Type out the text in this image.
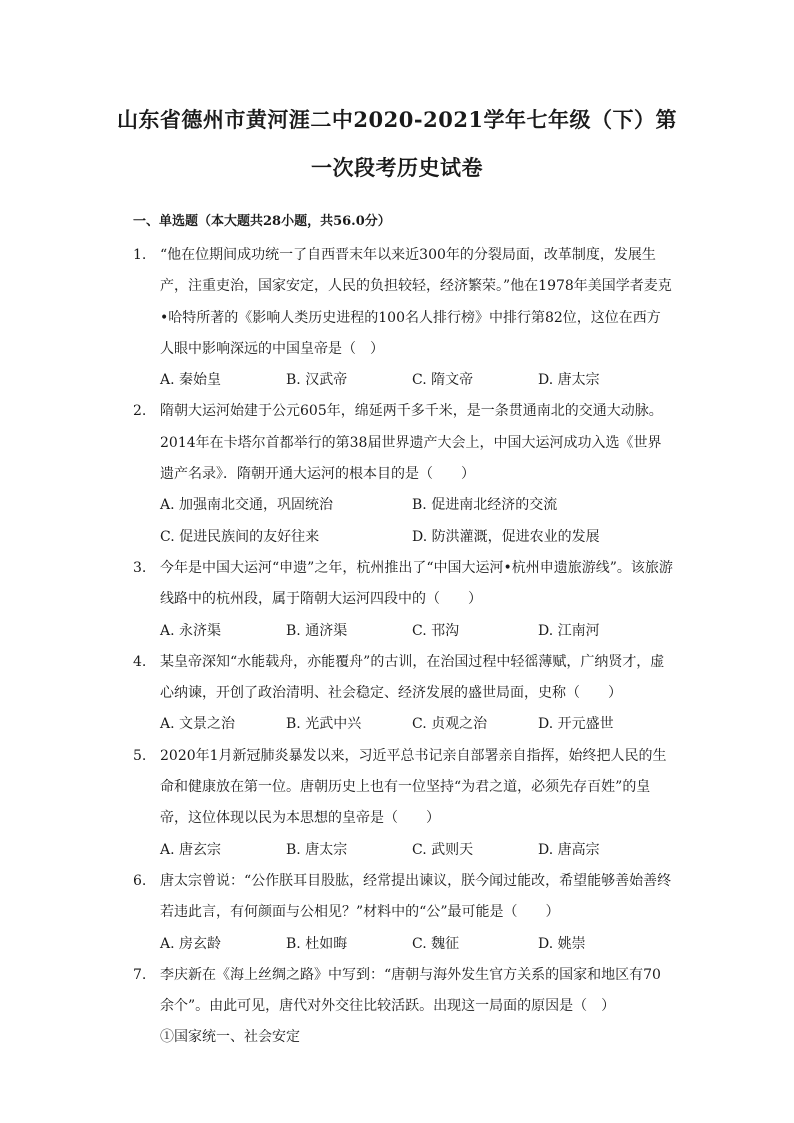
山东省德州市黄河涯二中2020-2021学年七年级（下）第
一次段考历史试卷
一、单选题（本大题共28小题，共56.0分）
1. “他在位期间成功统一了自西晋末年以来近300年的分裂局面，改革制度，发展生产，注重吏治，国家安定，人民的负担较轻，经济繁荣。”他在1978年美国学者麦克•哈特所著的《影响人类历史进程的100名人排行榜》中排行第82位，这位在西方人眼中影响深远的中国皇帝是（　）
A. 秦始皇	B. 汉武帝	C. 隋文帝	D. 唐太宗
2. 隋朝大运河始建于公元605年，绵延两千多千米，是一条贯通南北的交通大动脉。2014年在卡塔尔首都举行的第38届世界遗产大会上，中国大运河成功入选《世界遗产名录》．隋朝开通大运河的根本目的是（　　）
A. 加强南北交通，巩固统治	B. 促进南北经济的交流
C. 促进民族间的友好往来	D. 防洪灌溉，促进农业的发展
3. 今年是中国大运河“申遗”之年，杭州推出了“中国大运河•杭州申遗旅游线”。该旅游线路中的杭州段，属于隋朝大运河四段中的（　　）
A. 永济渠	B. 通济渠	C. 邗沟	D. 江南河
4. 某皇帝深知“水能载舟，亦能覆舟”的古训，在治国过程中轻徭薄赋，广纳贤才，虚心纳谏，开创了政治清明、社会稳定、经济发展的盛世局面，史称（　　）
A. 文景之治	B. 光武中兴	C. 贞观之治	D. 开元盛世
5. 2020年1月新冠肺炎暴发以来，习近平总书记亲自部署亲自指挥，始终把人民的生命和健康放在第一位。唐朝历史上也有一位坚持“为君之道，必须先存百姓”的皇帝，这位体现以民为本思想的皇帝是（　　）
A. 唐玄宗	B. 唐太宗	C. 武则天	D. 唐高宗
6. 唐太宗曾说：“公作朕耳目股肱，经常提出谏议，朕今闻过能改，希望能够善始善终若违此言，有何颜面与公相见？”材料中的“公”最可能是（　　）
A. 房玄龄	B. 杜如晦	C. 魏征	D. 姚崇
7. 李庆新在《海上丝绸之路》中写到：“唐朝与海外发生官方关系的国家和地区有70余个”。由此可见，唐代对外交往比较活跃。出现这一局面的原因是（　）
①国家统一、社会安定
